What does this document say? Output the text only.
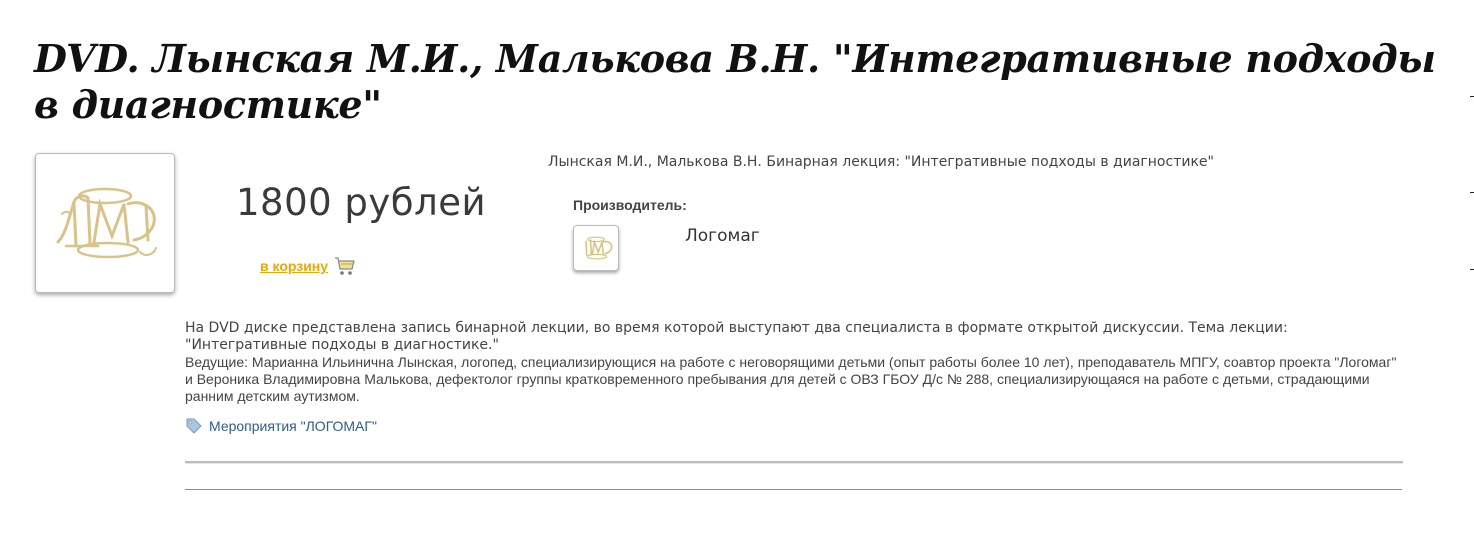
DVD. Лынская М.И., Малькова В.Н. "Интегративные подходы в диагностике"
1800 рублей
в корзину
Лынская М.И., Малькова В.Н. Бинарная лекция: "Интегративные подходы в диагностике"
Производитель:
Логомаг
На DVD диске представлена запись бинарной лекции, во время которой выступают два специалиста в формате открытой дискуссии. Тема лекции: "Интегративные подходы в диагностике."
Ведущие: Марианна Ильинична Лынская, логопед, специализирующися на работе с неговорящими детьми (опыт работы более 10 лет), преподаватель МПГУ, соавтор проекта "Логомаг" и Вероника Владимировна Малькова, дефектолог группы кратковременного пребывания для детей с ОВЗ ГБОУ Д/с № 288, специализирующаяся на работе с детьми, страдающими ранним детским аутизмом.
Мероприятия "ЛОГОМАГ"
